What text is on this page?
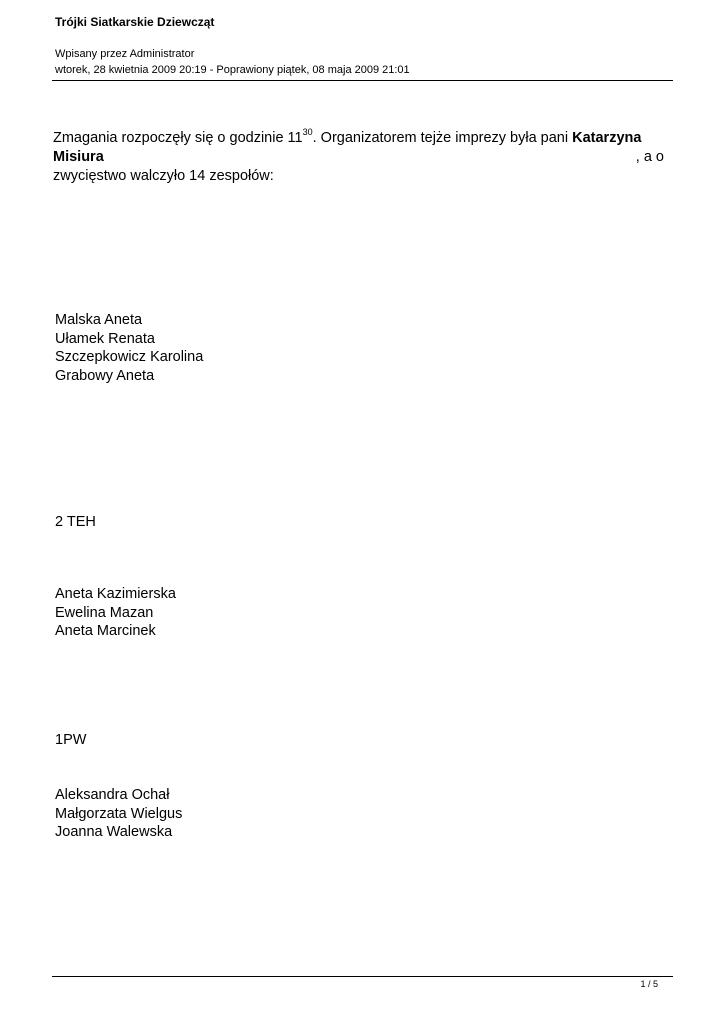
Trójki Siatkarskie Dziewcząt
Wpisany przez Administrator
wtorek, 28 kwietnia 2009 20:19 - Poprawiony piątek, 08 maja 2009 21:01
Zmagania rozpoczęły się o godzinie $11^{30}$. Organizatorem tejże imprezy była pani Katarzyna
Misiura	, a o
zwycięstwo walczyło 14 zespołów:
Malska Aneta
Ułamek Renata
Szczepkowicz Karolina
Grabowy Aneta
2 TEH
Aneta Kazimierska
Ewelina Mazan
Aneta Marcinek
1PW
Aleksandra Ochał
Małgorzata Wielgus
Joanna Walewska
1 / 5
